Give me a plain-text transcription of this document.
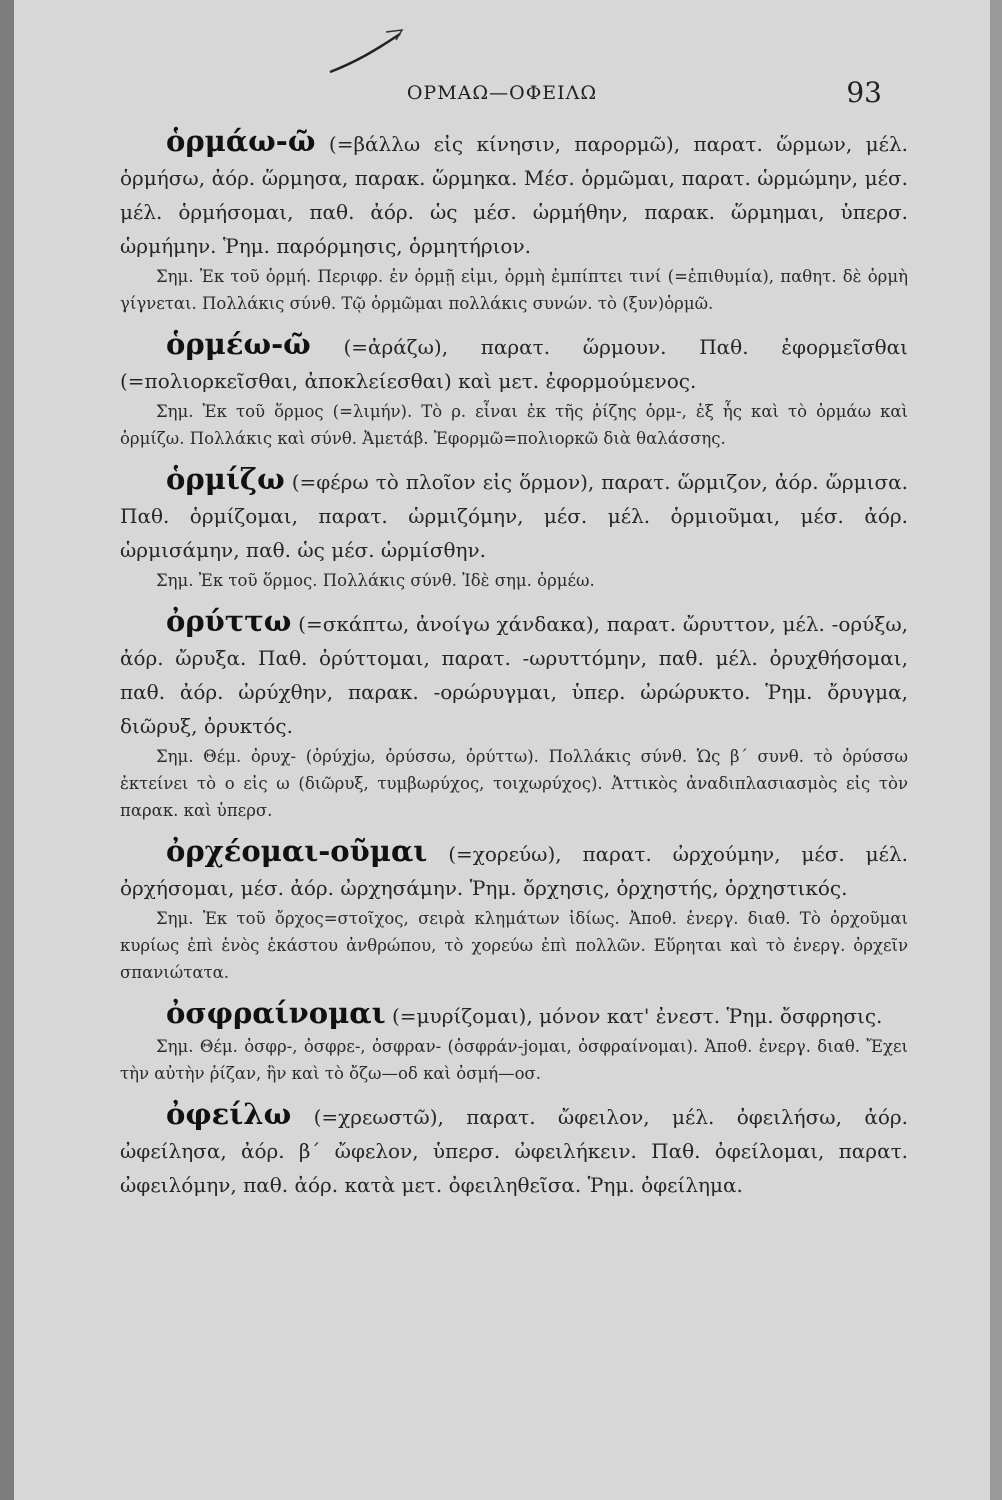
ΟΡΜΑΩ—ΟΦΕΙΛΩ	93

ὁρμάω-ῶ (=βάλλω εἰς κίνησιν, παρορμῶ), παρατ. ὥρμων, μέλ. ὁρμήσω, ἀόρ. ὥρμησα, παρακ. ὥρμηκα. Μέσ. ὁρμῶμαι, παρατ. ὡρμώμην, μέσ. μέλ. ὁρμήσομαι, παθ. ἀόρ. ὡς μέσ. ὡρμήθην, παρακ. ὥρμημαι, ὑπερσ. ὡρμήμην. Ῥημ. παρόρμησις, ὁρμητήριον.

Σημ. Ἐκ τοῦ ὁρμή. Περιφρ. ἐν ὁρμῇ εἰμι, ὁρμὴ ἐμπίπτει τινί (=ἐπιθυμία), παθητ. δὲ ὁρμὴ γίγνεται. Πολλάκις σύνθ. Τῷ ὁρμῶμαι πολλάκις συνών. τὸ (ξυν)ὁρμῶ.

ὁρμέω-ῶ (=ἀράζω), παρατ. ὥρμουν. Παθ. ἐφορμεῖσθαι (=πολιορκεῖσθαι, ἀποκλείεσθαι) καὶ μετ. ἐφορμούμενος.

Σημ. Ἐκ τοῦ ὅρμος (=λιμήν). Τὸ ρ. εἶναι ἐκ τῆς ῥίζης ὁρμ-, ἐξ ἧς καὶ τὸ ὁρμάω καὶ ὁρμίζω. Πολλάκις καὶ σύνθ. Ἀμετάβ. Ἐφορμῶ=πολιορκῶ διὰ θαλάσσης.

ὁρμίζω (=φέρω τὸ πλοῖον εἰς ὅρμον), παρατ. ὥρμιζον, ἀόρ. ὥρμισα. Παθ. ὁρμίζομαι, παρατ. ὡρμιζόμην, μέσ. μέλ. ὁρμιοῦμαι, μέσ. ἀόρ. ὡρμισάμην, παθ. ὡς μέσ. ὡρμίσθην.

Σημ. Ἐκ τοῦ ὅρμος. Πολλάκις σύνθ. Ἰδὲ σημ. ὁρμέω.

ὀρύττω (=σκάπτω, ἀνοίγω χάνδακα), παρατ. ὤρυττον, μέλ. -ορύξω, ἀόρ. ὤρυξα. Παθ. ὀρύττομαι, παρατ. -ωρυττόμην, παθ. μέλ. ὀρυχθήσομαι, παθ. ἀόρ. ὠρύχθην, παρακ. -ορώρυγμαι, ὑπερ. ὠρώρυκτο. Ῥημ. ὄρυγμα, διῶρυξ, ὀρυκτός.

Σημ. Θέμ. ὀρυχ- (ὀρύχjω, ὀρύσσω, ὀρύττω). Πολλάκις σύνθ. Ὡς β΄ συνθ. τὸ ὀρύσσω ἐκτείνει τὸ ο εἰς ω (διῶρυξ, τυμβωρύχος, τοιχωρύχος). Ἀττικὸς ἀναδιπλασιασμὸς εἰς τὸν παρακ. καὶ ὑπερσ.

ὀρχέομαι-οῦμαι (=χορεύω), παρατ. ὠρχούμην, μέσ. μέλ. ὀρχήσομαι, μέσ. ἀόρ. ὠρχησάμην. Ῥημ. ὄρχησις, ὀρχηστής, ὀρχηστικός.

Σημ. Ἐκ τοῦ ὄρχος=στοῖχος, σειρὰ κλημάτων ἰδίως. Ἀποθ. ἐνεργ. διαθ. Τὸ ὀρχοῦμαι κυρίως ἐπὶ ἑνὸς ἑκάστου ἀνθρώπου, τὸ χορεύω ἐπὶ πολλῶν. Εὕρηται καὶ τὸ ἐνεργ. ὀρχεῖν σπανιώτατα.

ὀσφραίνομαι (=μυρίζομαι), μόνον κατ' ἐνεστ. Ῥημ. ὄσφρησις.

Σημ. Θέμ. ὀσφρ-, ὀσφρε-, ὀσφραν- (ὀσφράν-jομαι, ὀσφραίνομαι). Ἀποθ. ἐνεργ. διαθ. Ἔχει τὴν αὐτὴν ῥίζαν, ἣν καὶ τὸ ὄζω—οδ καὶ ὀσμή—οσ.

ὀφείλω (=χρεωστῶ), παρατ. ὤφειλον, μέλ. ὀφειλήσω, ἀόρ. ὠφείλησα, ἀόρ. β΄ ὤφελον, ὑπερσ. ὠφειλήκειν. Παθ. ὀφείλομαι, παρατ. ὠφειλόμην, παθ. ἀόρ. κατὰ μετ. ὀφειληθεῖσα. Ῥημ. ὀφείλημα.
